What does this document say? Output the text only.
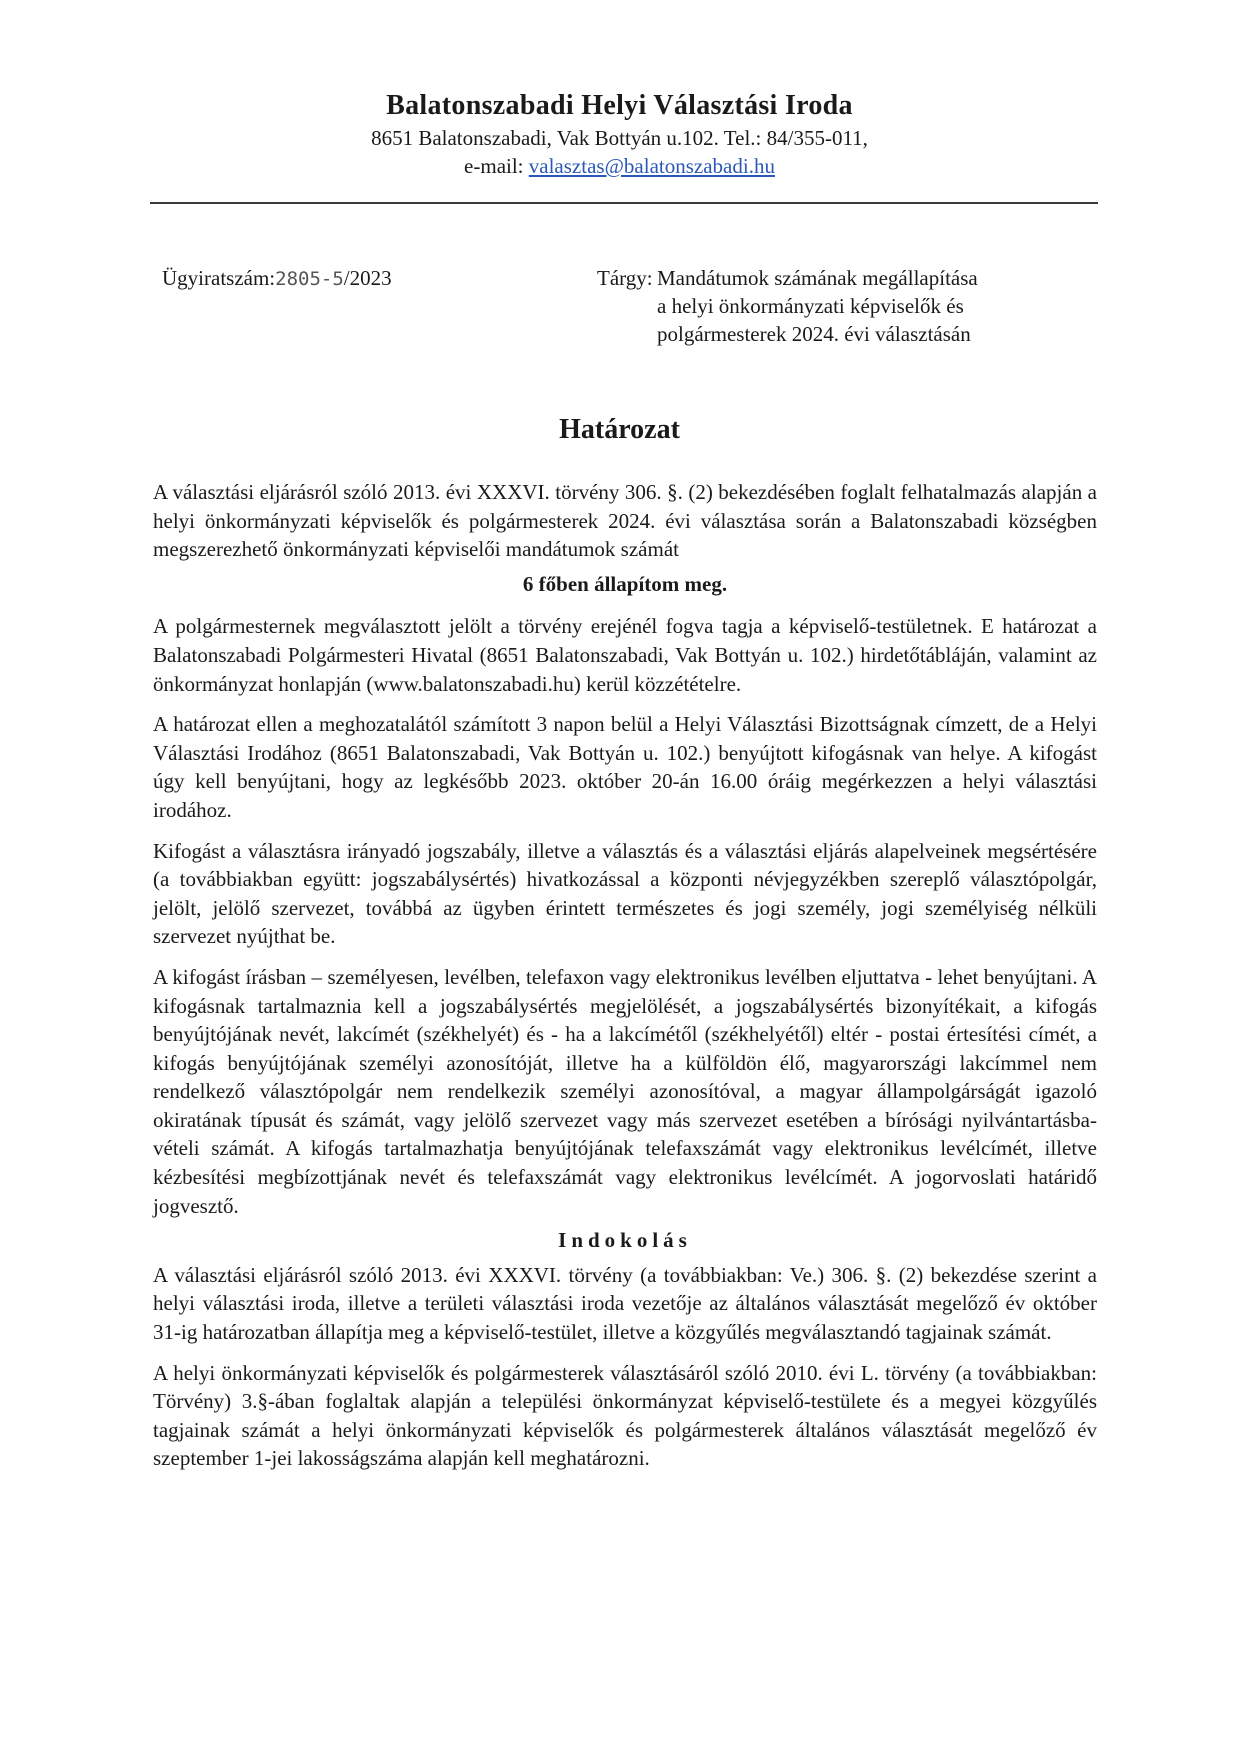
Balatonszabadi Helyi Választási Iroda
8651 Balatonszabadi, Vak Bottyán u.102. Tel.: 84/355-011,
e-mail: valasztas@balatonszabadi.hu
Ügyiratszám:2805-5/2023	Tárgy: Mandátumok számának megállapítása
a helyi önkormányzati képviselők és
polgármesterek 2024. évi választásán
Határozat

A választási eljárásról szóló 2013. évi XXXVI. törvény 306. §. (2) bekezdésében foglalt felhatalmazás alapján a helyi önkormányzati képviselők és polgármesterek 2024. évi választása során a Balatonszabadi községben megszerezhető önkormányzati képviselői mandátumok számát

6 főben állapítom meg.

A polgármesternek megválasztott jelölt a törvény erejénél fogva tagja a képviselő-testületnek. E határozat a Balatonszabadi Polgármesteri Hivatal (8651 Balatonszabadi, Vak Bottyán u. 102.) hirdetőtábláján, valamint az önkormányzat honlapján (www.balatonszabadi.hu) kerül közzétételre.

A határozat ellen a meghozatalától számított 3 napon belül a Helyi Választási Bizottságnak címzett, de a Helyi Választási Irodához (8651 Balatonszabadi, Vak Bottyán u. 102.) benyújtott kifogásnak van helye. A kifogást úgy kell benyújtani, hogy az legkésőbb 2023. október 20-án 16.00 óráig megérkezzen a helyi választási irodához.

Kifogást a választásra irányadó jogszabály, illetve a választás és a választási eljárás alapelveinek megsértésére (a továbbiakban együtt: jogszabálysértés) hivatkozással a központi névjegyzékben szereplő választópolgár, jelölt, jelölő szervezet, továbbá az ügyben érintett természetes és jogi személy, jogi személyiség nélküli szervezet nyújthat be.

A kifogást írásban – személyesen, levélben, telefaxon vagy elektronikus levélben eljuttatva - lehet benyújtani. A kifogásnak tartalmaznia kell a jogszabálysértés megjelölését, a jogszabálysértés bizonyítékait, a kifogás benyújtójának nevét, lakcímét (székhelyét) és - ha a lakcímétől (székhelyétől) eltér - postai értesítési címét, a kifogás benyújtójának személyi azonosítóját, illetve ha a külföldön élő, magyarországi lakcímmel nem rendelkező választópolgár nem rendelkezik személyi azonosítóval, a magyar állampolgárságát igazoló okiratának típusát és számát, vagy jelölő szervezet vagy más szervezet esetében a bírósági nyilvántartásba-vételi számát. A kifogás tartalmazhatja benyújtójának telefaxszámát vagy elektronikus levélcímét, illetve kézbesítési megbízottjának nevét és telefaxszámát vagy elektronikus levélcímét. A jogorvoslati határidő jogvesztő.

Indokolás

A választási eljárásról szóló 2013. évi XXXVI. törvény (a továbbiakban: Ve.) 306. §. (2) bekezdése szerint a helyi választási iroda, illetve a területi választási iroda vezetője az általános választását megelőző év október 31-ig határozatban állapítja meg a képviselő-testület, illetve a közgyűlés megválasztandó tagjainak számát.

A helyi önkormányzati képviselők és polgármesterek választásáról szóló 2010. évi L. törvény (a továbbiakban: Törvény) 3.§-ában foglaltak alapján a települési önkormányzat képviselő-testülete és a megyei közgyűlés tagjainak számát a helyi önkormányzati képviselők és polgármesterek általános választását megelőző év szeptember 1-jei lakosságszáma alapján kell meghatározni.
